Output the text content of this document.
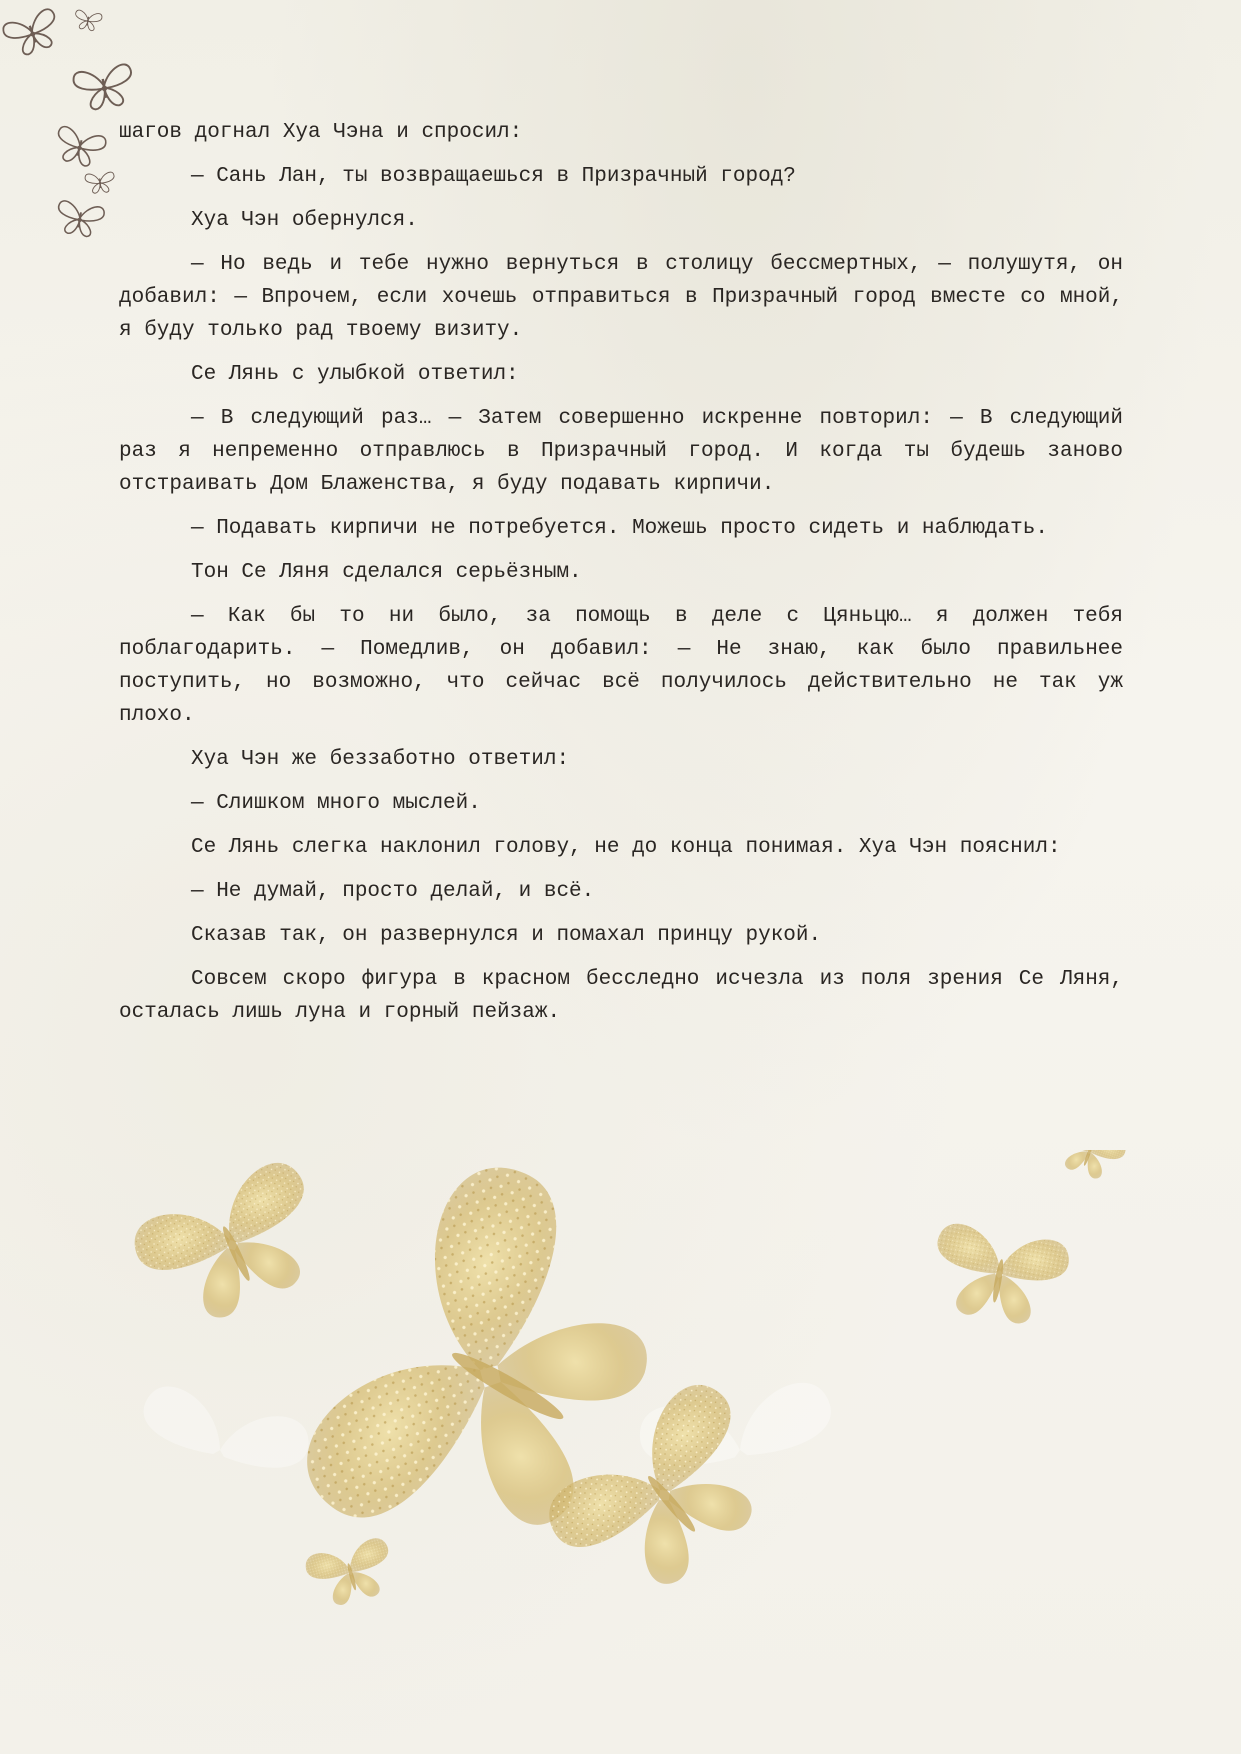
шагов догнал Хуа Чэна и спросил:

— Сань Лан, ты возвращаешься в Призрачный город?

Хуа Чэн обернулся.

— Но ведь и тебе нужно вернуться в столицу бессмертных, — полушутя, он добавил: — Впрочем, если хочешь отправиться в Призрачный город вместе со мной, я буду только рад твоему визиту.

Се Лянь с улыбкой ответил:

— В следующий раз… — Затем совершенно искренне повторил: — В следующий раз я непременно отправлюсь в Призрачный город. И когда ты будешь заново отстраивать Дом Блаженства, я буду подавать кирпичи.

— Подавать кирпичи не потребуется. Можешь просто сидеть и наблюдать.

Тон Се Ляня сделался серьёзным.

— Как бы то ни было, за помощь в деле с Цяньцю… я должен тебя поблагодарить. — Помедлив, он добавил: — Не знаю, как было правильнее поступить, но возможно, что сейчас всё получилось действительно не так уж плохо.

Хуа Чэн же беззаботно ответил:

— Слишком много мыслей.

Се Лянь слегка наклонил голову, не до конца понимая. Хуа Чэн пояснил:

— Не думай, просто делай, и всё.

Сказав так, он развернулся и помахал принцу рукой.

Совсем скоро фигура в красном бесследно исчезла из поля зрения Се Ляня, осталась лишь луна и горный пейзаж.
